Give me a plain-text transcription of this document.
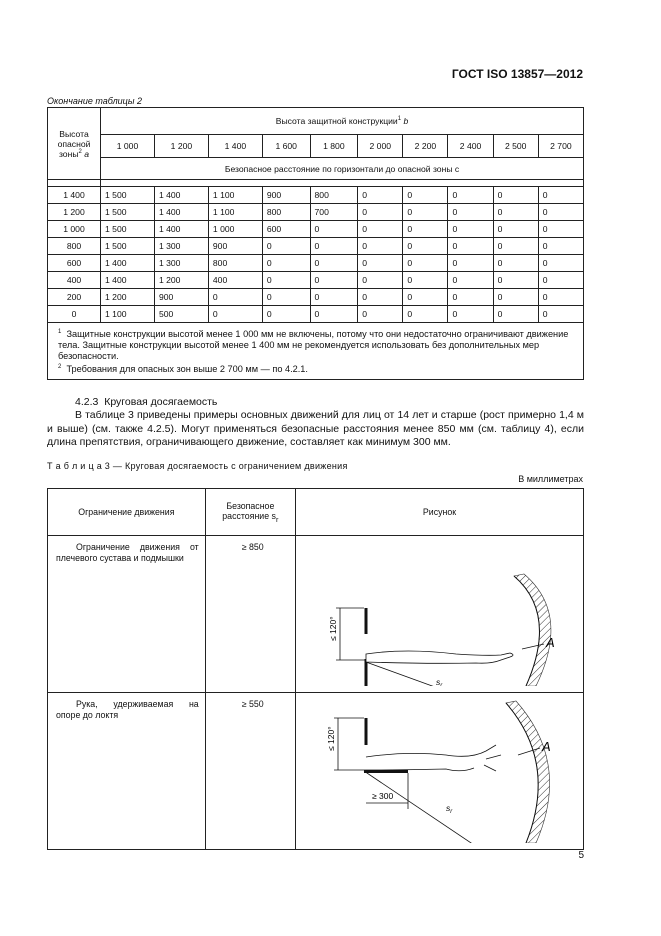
ГОСТ ISO 13857—2012
Окончание таблицы 2
Высота
опасной
зоны$^2$ a	Высота защитной конструкции$^1$ b									
	1 000	1 200	1 400	1 600	1 800	2 000	2 200	2 400	2 500	2 700
	Безопасное расстояние по горизонтали до опасной зоны c									

1 400	1 500	1 400	1 100	900	800	0	0	0	0	0
1 200	1 500	1 400	1 100	800	700	0	0	0	0	0
1 000	1 500	1 400	1 000	600	0	0	0	0	0	0
800	1 500	1 300	900	0	0	0	0	0	0	0
600	1 400	1 300	800	0	0	0	0	0	0	0
400	1 400	1 200	400	0	0	0	0	0	0	0
200	1 200	900	0	0	0	0	0	0	0	0
0	1 100	500	0	0	0	0	0	0	0	0

$^1$ Защитные конструкции высотой менее 1 000 мм не включены, потому что они недостаточно ограничивают движение тела. Защитные конструкции высотой менее 1 400 мм не рекомендуется использовать без дополнительных мер безопасности.
$^2$ Требования для опасных зон выше 2 700 мм — по 4.2.1.										
4.2.3 Круговая досягаемость
В таблице 3 приведены примеры основных движений для лиц от 14 лет и старше (рост примерно 1,4 м и выше) (см. также 4.2.5). Могут применяться безопасные расстояния менее 850 мм (см. таблицу 4), если длина препятствия, ограничивающего движение, составляет как минимум 300 мм.
Т а б л и ц а 3 — Круговая досягаемость с ограничением движения
В миллиметрах
Ограничение движения	Безопасное
расстояние $s_r$	Рисунок
Ограничение движения от плечевого сустава и подмышки	≥ 850	≤ 120°
$s_r$
A

Рука, удерживаемая на опоре до локтя	≥ 550	≤ 120°
$s_r$
≥ 300
A
5
